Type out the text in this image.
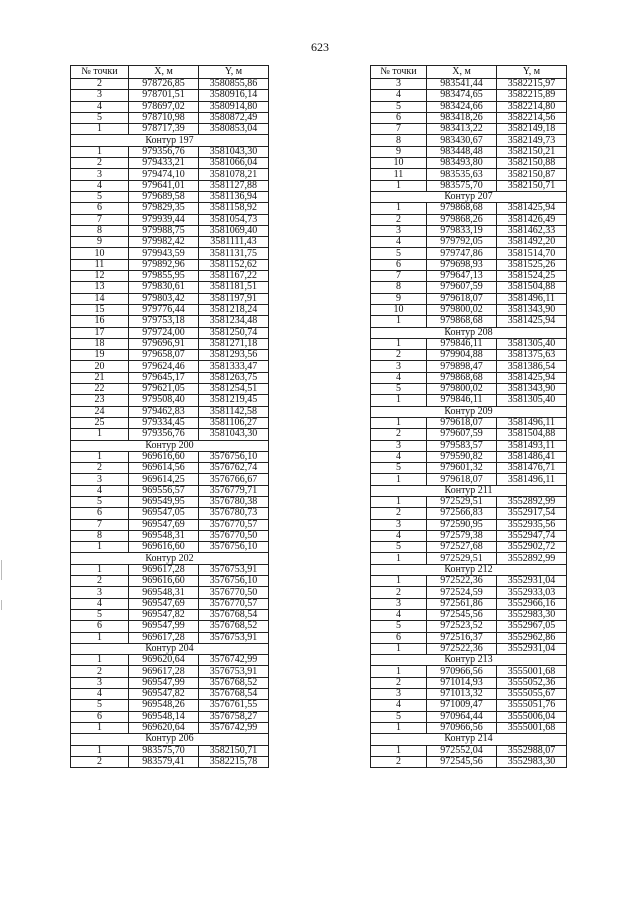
623
№ точки	X, м	Y, м
2	978726,85	3580855,86
3	978701,51	3580916,14
4	978697,02	3580914,80
5	978710,98	3580872,49
1	978717,39	3580853,04
Контур 197		
1	979356,76	3581043,30
2	979433,21	3581066,04
3	979474,10	3581078,21
4	979641,01	3581127,88
5	979689,58	3581136,94
6	979829,35	3581158,92
7	979939,44	3581054,73
8	979988,75	3581069,40
9	979982,42	3581111,43
10	979943,59	3581131,75
11	979892,96	3581152,62
12	979855,95	3581167,22
13	979830,61	3581181,51
14	979803,42	3581197,91
15	979776,44	3581218,24
16	979753,18	3581234,48
17	979724,00	3581250,74
18	979696,91	3581271,18
19	979658,07	3581293,56
20	979624,46	3581333,47
21	979645,17	3581263,75
22	979621,05	3581254,51
23	979508,40	3581219,45
24	979462,83	3581142,58
25	979334,45	3581106,27
1	979356,76	3581043,30
Контур 200		
1	969616,60	3576756,10
2	969614,56	3576762,74
3	969614,25	3576766,67
4	969556,57	3576779,71
5	969549,95	3576780,38
6	969547,05	3576780,73
7	969547,69	3576770,57
8	969548,31	3576770,50
1	969616,60	3576756,10
Контур 202		
1	969617,28	3576753,91
2	969616,60	3576756,10
3	969548,31	3576770,50
4	969547,69	3576770,57
5	969547,82	3576768,54
6	969547,99	3576768,52
1	969617,28	3576753,91
Контур 204		
1	969620,64	3576742,99
2	969617,28	3576753,91
3	969547,99	3576768,52
4	969547,82	3576768,54
5	969548,26	3576761,55
6	969548,14	3576758,27
1	969620,64	3576742,99
Контур 206		
1	983575,70	3582150,71
2	983579,41	3582215,78
№ точки	X, м	Y, м
3	983541,44	3582215,97
4	983474,65	3582215,89
5	983424,66	3582214,80
6	983418,26	3582214,56
7	983413,22	3582149,18
8	983430,67	3582149,73
9	983448,48	3582150,21
10	983493,80	3582150,88
11	983535,63	3582150,87
1	983575,70	3582150,71
Контур 207		
1	979868,68	3581425,94
2	979868,26	3581426,49
3	979833,19	3581462,33
4	979792,05	3581492,20
5	979747,86	3581514,70
6	979698,93	3581525,26
7	979647,13	3581524,25
8	979607,59	3581504,88
9	979618,07	3581496,11
10	979800,02	3581343,90
1	979868,68	3581425,94
Контур 208		
1	979846,11	3581305,40
2	979904,88	3581375,63
3	979898,47	3581386,54
4	979868,68	3581425,94
5	979800,02	3581343,90
1	979846,11	3581305,40
Контур 209		
1	979618,07	3581496,11
2	979607,59	3581504,88
3	979583,57	3581493,11
4	979590,82	3581486,41
5	979601,32	3581476,71
1	979618,07	3581496,11
Контур 211		
1	972529,51	3552892,99
2	972566,83	3552917,54
3	972590,95	3552935,56
4	972579,38	3552947,74
5	972527,68	3552902,72
1	972529,51	3552892,99
Контур 212		
1	972522,36	3552931,04
2	972524,59	3552933,03
3	972561,86	3552966,16
4	972545,56	3552983,30
5	972523,52	3552967,05
6	972516,37	3552962,86
1	972522,36	3552931,04
Контур 213		
1	970966,56	3555001,68
2	971014,93	3555052,36
3	971013,32	3555055,67
4	971009,47	3555051,76
5	970964,44	3555006,04
1	970966,56	3555001,68
Контур 214		
1	972552,04	3552988,07
2	972545,56	3552983,30
